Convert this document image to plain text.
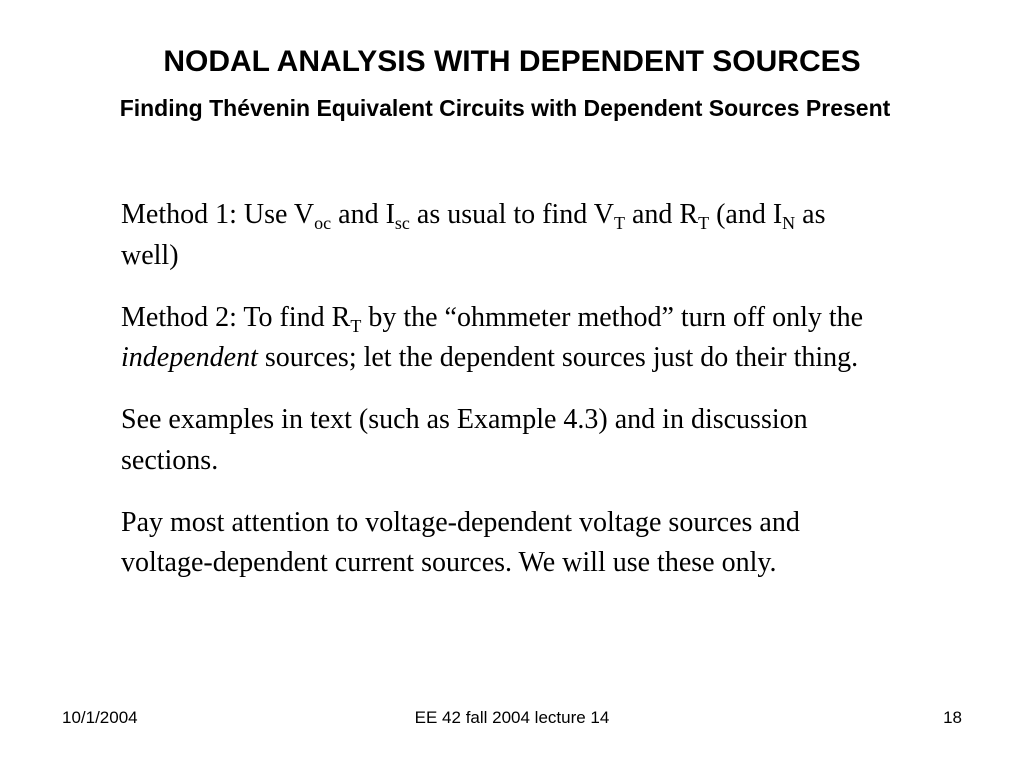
NODAL ANALYSIS WITH DEPENDENT SOURCES
Finding Thévenin Equivalent Circuits with Dependent Sources Present

Method 1: Use $V_{oc}$ and $I_{sc}$ as usual to find $V_T$ and $R_T$ (and $I_N$ as well)

Method 2: To find $R_T$ by the “ohmmeter method” turn off only the independent sources; let the dependent sources just do their thing.

See examples in text (such as Example 4.3) and in discussion sections.

Pay most attention to voltage-dependent voltage sources and voltage-dependent current sources. We will use these only.

10/1/2004	EE 42 fall 2004 lecture 14	18
